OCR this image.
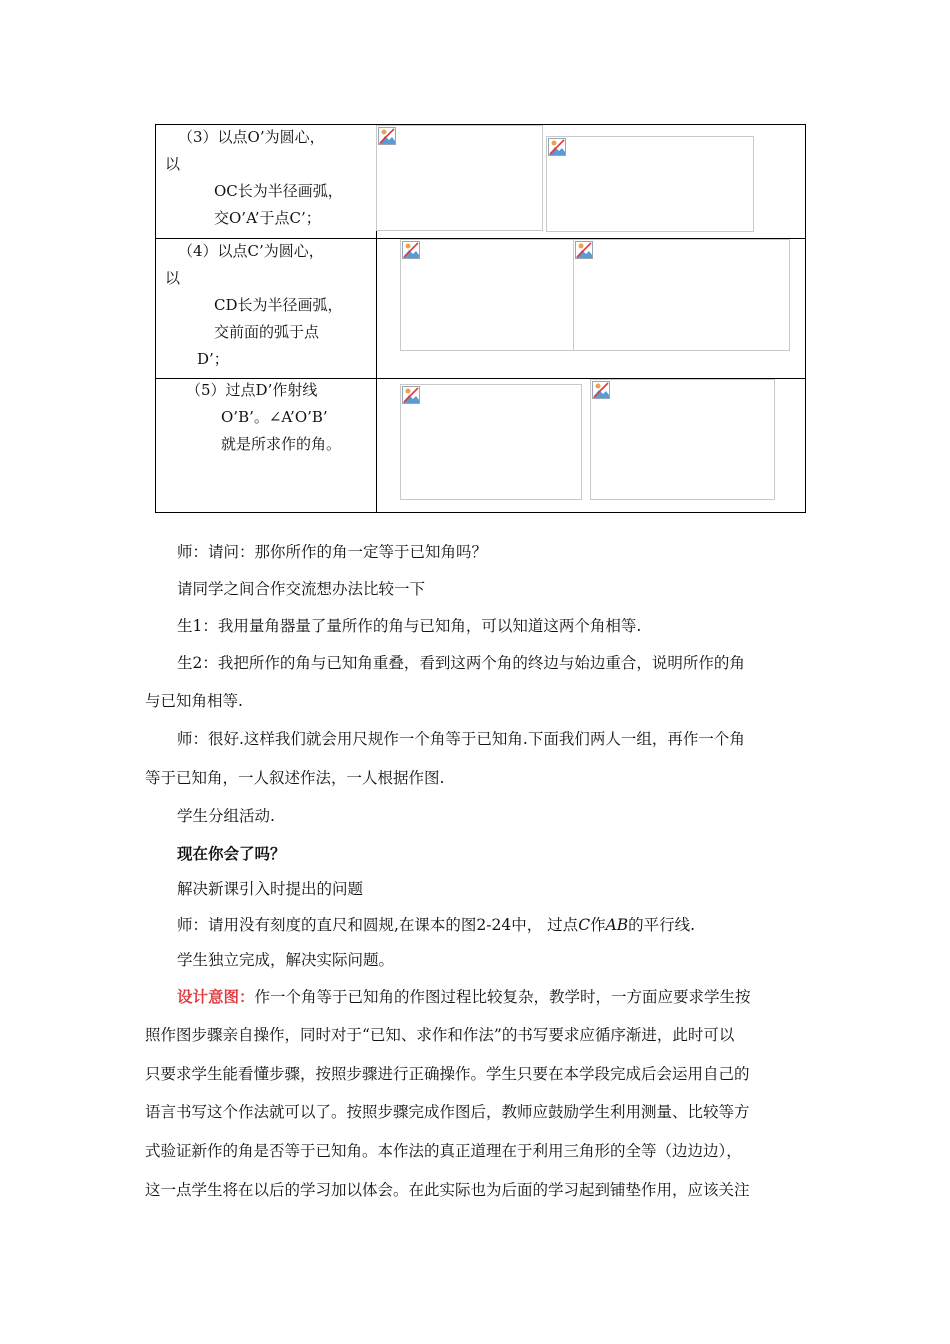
（3）以点O’为圆心，
以
OC长为半径画弧，
交O’A’于点C’；
（4）以点C’为圆心，
以
CD长为半径画弧，
交前面的弧于点
D’；
（5）过点D’作射线
O’B’。∠A’O’B’
就是所求作的角。
师：请问：那你所作的角一定等于已知角吗？
请同学之间合作交流想办法比较一下
生1：我用量角器量了量所作的角与已知角，可以知道这两个角相等.
生2：我把所作的角与已知角重叠，看到这两个角的终边与始边重合，说明所作的角
与已知角相等.
师：很好.这样我们就会用尺规作一个角等于已知角.下面我们两人一组，再作一个角
等于已知角，一人叙述作法，一人根据作图.
学生分组活动.
现在你会了吗？
解决新课引入时提出的问题
师：请用没有刻度的直尺和圆规,在课本的图2-24中， 过点C作AB的平行线.
学生独立完成，解决实际问题。
设计意图：作一个角等于已知角的作图过程比较复杂，教学时，一方面应要求学生按
照作图步骤亲自操作，同时对于“已知、求作和作法”的书写要求应循序渐进，此时可以
只要求学生能看懂步骤，按照步骤进行正确操作。学生只要在本学段完成后会运用自己的
语言书写这个作法就可以了。按照步骤完成作图后，教师应鼓励学生利用测量、比较等方
式验证新作的角是否等于已知角。本作法的真正道理在于利用三角形的全等（边边边），
这一点学生将在以后的学习加以体会。在此实际也为后面的学习起到铺垫作用，应该关注
